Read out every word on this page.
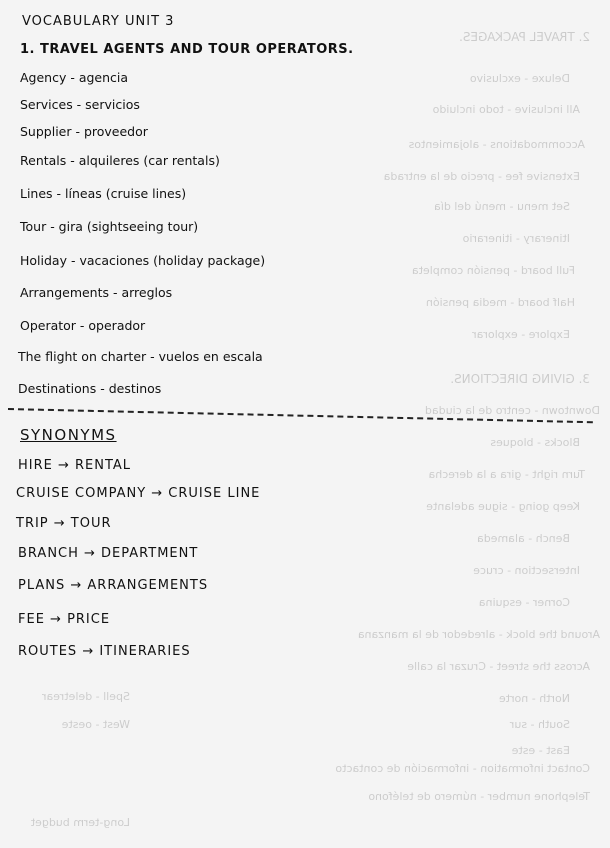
2. TRAVEL PACKAGES.
Deluxe - exclusivo
All inclusive - todo incluido
Accommodations - alojamientos
Extensive fee - precio de la entrada
Set menu - menú del día
Itinerary - itinerario
Full board - pensión completa
Half board - media pensión
Explore - explorar
3. GIVING DIRECTIONS.
Downtown - centro de la ciudad
Blocks - bloques
Turn right - gira a la derecha
Keep going - sigue adelante
Bench - alameda
Intersection - cruce
Corner - esquina
Around the block - alrededor de la manzana
Across the street - Cruzar la calle
North - norte
South - sur
Spell - deletrear
East - este
Contact information - información de contacto
West - oeste
Telephone number - número de teléfono
Long-term budget
VOCABULARY UNIT 3
1. TRAVEL AGENTS AND TOUR OPERATORS.
Agency - agencia
Services - servicios
Supplier - proveedor
Rentals - alquileres (car rentals)
Lines - líneas (cruise lines)
Tour - gira (sightseeing tour)
Holiday - vacaciones (holiday package)
Arrangements - arreglos
Operator - operador
The flight on charter - vuelos en escala
Destinations - destinos
SYNONYMS
HIRE → RENTAL
CRUISE COMPANY → CRUISE LINE
TRIP → TOUR
BRANCH → DEPARTMENT
PLANS → ARRANGEMENTS
FEE → PRICE
ROUTES → ITINERARIES
